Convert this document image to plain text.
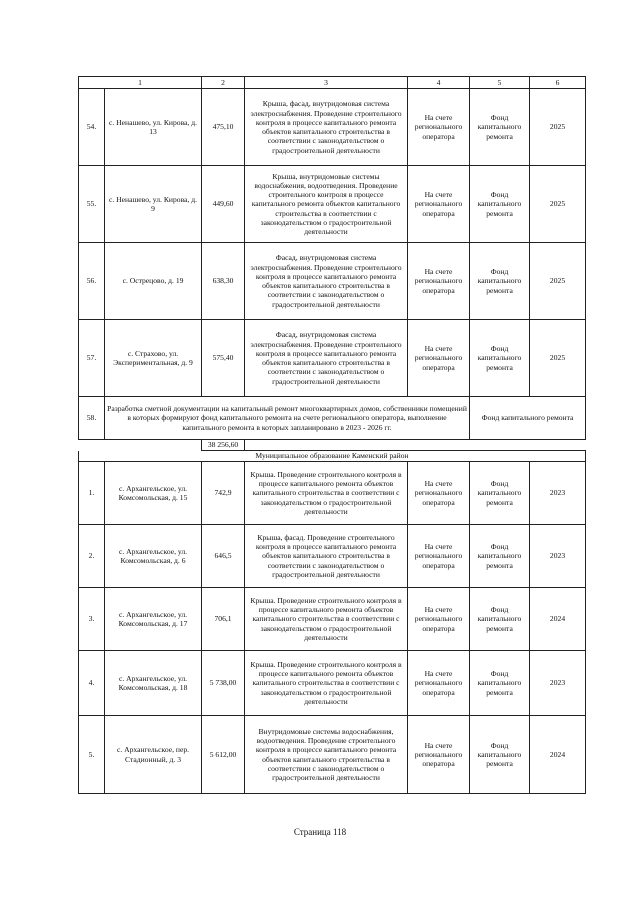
1		2	3	4	5	6
54.	с. Ненашево, ул. Кирова, д. 13	475,10	Крыша, фасад, внутридомовая система электроснабжения. Проведение строительного контроля в процессе капитального ремонта объектов капитального строительства в соответствии с законодательством о градостроительной деятельности	На счете регионального оператора	Фонд капитального ремонта	2025
55.	с. Ненашево, ул. Кирова, д. 9	449,60	Крыша, внутридомовые системы водоснабжения, водоотведения. Проведение строительного контроля в процессе капитального ремонта объектов капитального строительства в соответствии с законодательством о градостроительной деятельности	На счете регионального оператора	Фонд капитального ремонта	2025
56.	с. Острецово, д. 19	638,30	Фасад, внутридомовая система электроснабжения. Проведение строительного контроля в процессе капитального ремонта объектов капитального строительства в соответствии с законодательством о градостроительной деятельности	На счете регионального оператора	Фонд капитального ремонта	2025
57.	с. Страхово, ул. Экспериментальная, д. 9	575,40	Фасад, внутридомовая система электроснабжения. Проведение строительного контроля в процессе капитального ремонта объектов капитального строительства в соответствии с законодательством о градостроительной деятельности	На счете регионального оператора	Фонд капитального ремонта	2025
58.	Разработка сметной документации на капитальный ремонт многоквартирных домов, собственники помещений в которых формируют фонд капитального ремонта на счете регионального оператора, выполнение капитального ремонта в которых запланировано в 2023 - 2026 гг.				Фонд капитального ремонта	
		38 256,60				
Муниципальное образование Каменский район						
1.	с. Архангельское, ул. Комсомольская, д. 15	742,9	Крыша. Проведение строительного контроля в процессе капитального ремонта объектов капитального строительства в соответствии с законодательством о градостроительной деятельности	На счете регионального оператора	Фонд капитального ремонта	2023
2.	с. Архангельское, ул. Комсомольская, д. 6	646,5	Крыша, фасад. Проведение строительного контроля в процессе капитального ремонта объектов капитального строительства в соответствии с законодательством о градостроительной деятельности	На счете регионального оператора	Фонд капитального ремонта	2023
3.	с. Архангельское, ул. Комсомольская, д. 17	706,1	Крыша. Проведение строительного контроля в процессе капитального ремонта объектов капитального строительства в соответствии с законодательством о градостроительной деятельности	На счете регионального оператора	Фонд капитального ремонта	2024
4.	с. Архангельское, ул. Комсомольская, д. 18	5 738,00	Крыша. Проведение строительного контроля в процессе капитального ремонта объектов капитального строительства в соответствии с законодательством о градостроительной деятельности	На счете регионального оператора	Фонд капитального ремонта	2023
5.	с. Архангельское, пер. Стадионный, д. 3	5 612,00	Внутридомовые системы водоснабжения, водоотведения. Проведение строительного контроля в процессе капитального ремонта объектов капитального строительства в соответствии с законодательством о градостроительной деятельности	На счете регионального оператора	Фонд капитального ремонта	2024
Страница 118
